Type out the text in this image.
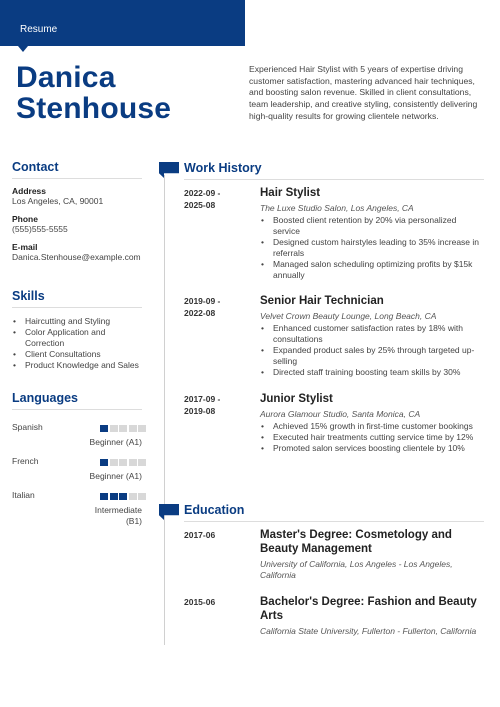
Resume
Danica
Stenhouse
Experienced Hair Stylist with 5 years of expertise driving customer satisfaction, mastering advanced hair techniques, and boosting salon revenue. Skilled in client consultations, team leadership, and creative styling, consistently delivering high-quality results for growing clientele networks.
Contact
Address
Los Angeles, CA, 90001
Phone
(555)555-5555
E-mail
Danica.Stenhouse@example.com
Skills
• Haircutting and Styling
• Color Application and Correction
• Client Consultations
• Product Knowledge and Sales
Languages
Spanish
Beginner (A1)
French
Beginner (A1)
Italian
Intermediate (B1)
Work History
2022-09 - 2025-08
Hair Stylist
The Luxe Studio Salon, Los Angeles, CA
• Boosted client retention by 20% via personalized service
• Designed custom hairstyles leading to 35% increase in referrals
• Managed salon scheduling optimizing profits by $15k annually
2019-09 - 2022-08
Senior Hair Technician
Velvet Crown Beauty Lounge, Long Beach, CA
• Enhanced customer satisfaction rates by 18% with consultations
• Expanded product sales by 25% through targeted up-selling
• Directed staff training boosting team skills by 30%
2017-09 - 2019-08
Junior Stylist
Aurora Glamour Studio, Santa Monica, CA
• Achieved 15% growth in first-time customer bookings
• Executed hair treatments cutting service time by 12%
• Promoted salon services boosting clientele by 10%
Education
2017-06	Master's Degree: Cosmetology and Beauty Management
University of California, Los Angeles - Los Angeles, California
2015-06	Bachelor's Degree: Fashion and Beauty Arts
California State University, Fullerton - Fullerton, California
